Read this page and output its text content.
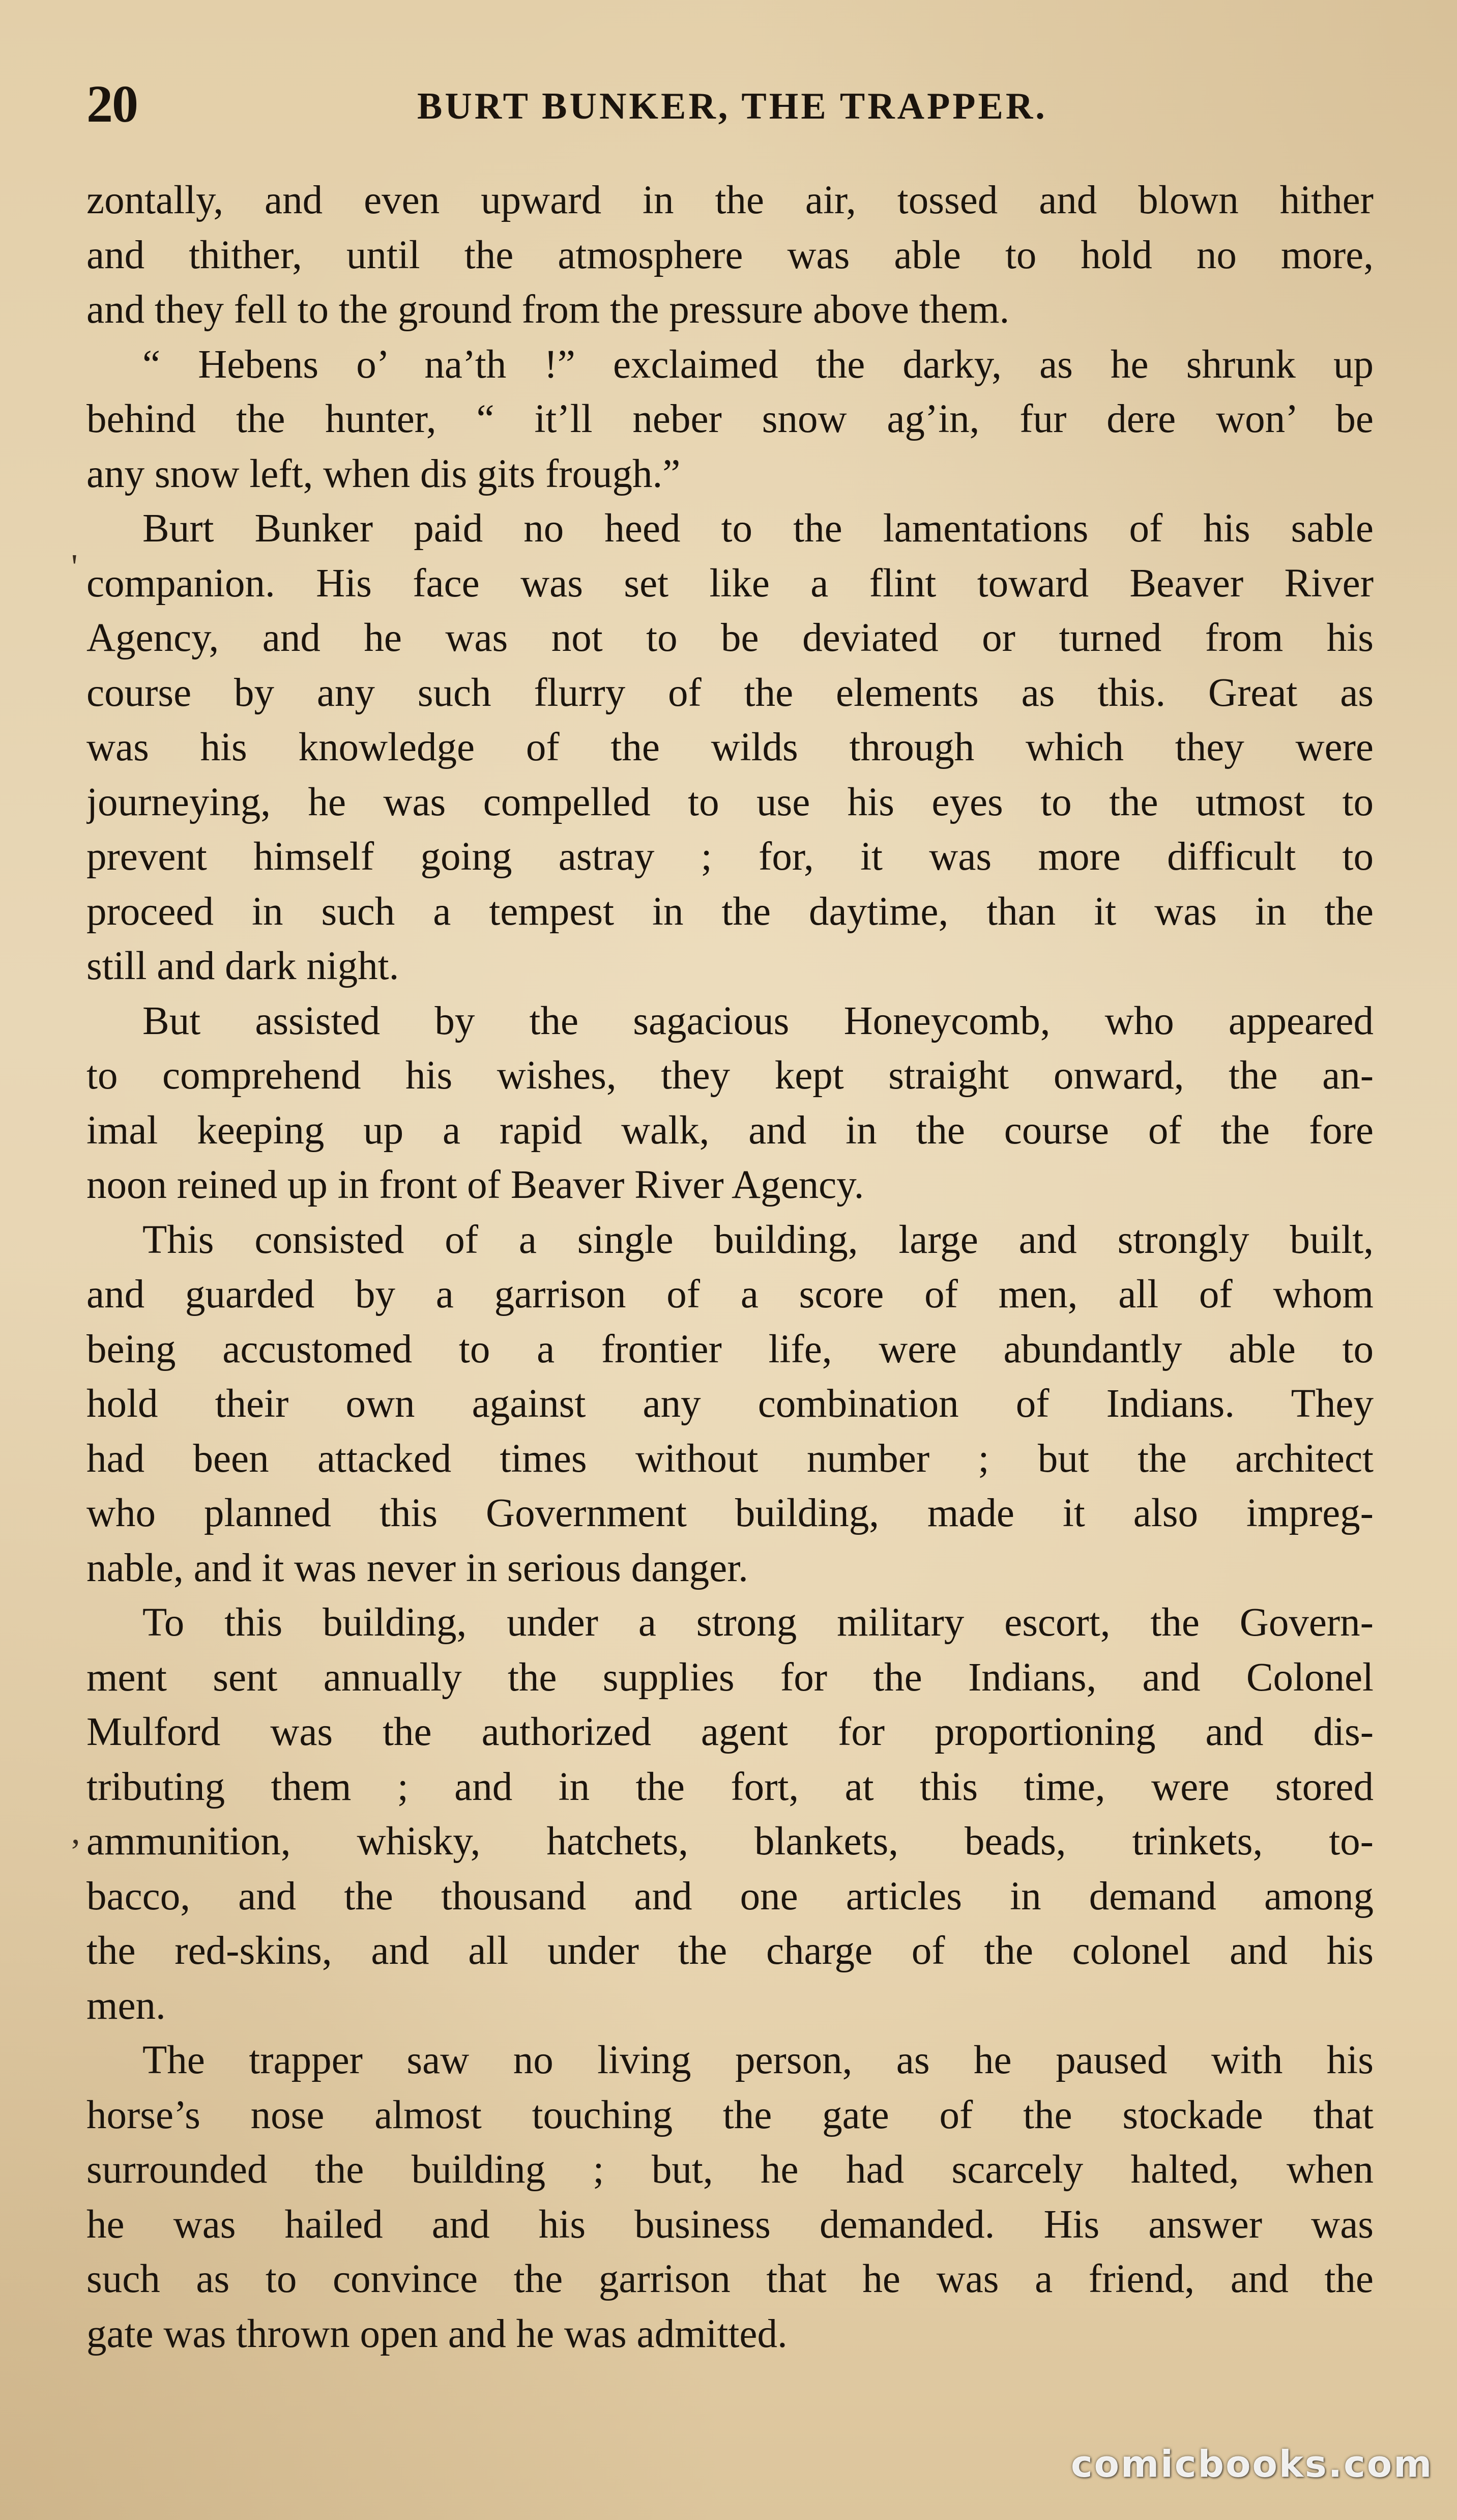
20	BURT BUNKER, THE TRAPPER.
zontally, and even upward in the air, tossed and blown hither
and thither, until the atmosphere was able to hold no more,
and they fell to the ground from the pressure above them.
“ Hebens o’ na’th !” exclaimed the darky, as he shrunk up
behind the hunter, “ it’ll neber snow ag’in, fur dere won’ be
any snow left, when dis gits frough.”
Burt Bunker paid no heed to the lamentations of his sable
companion. His face was set like a flint toward Beaver River
Agency, and he was not to be deviated or turned from his
course by any such flurry of the elements as this. Great as
was his knowledge of the wilds through which they were
journeying, he was compelled to use his eyes to the utmost to
prevent himself going astray ; for, it was more difficult to
proceed in such a tempest in the daytime, than it was in the
still and dark night.
But assisted by the sagacious Honeycomb, who appeared
to comprehend his wishes, they kept straight onward, the an-
imal keeping up a rapid walk, and in the course of the fore
noon reined up in front of Beaver River Agency.
This consisted of a single building, large and strongly built,
and guarded by a garrison of a score of men, all of whom
being accustomed to a frontier life, were abundantly able to
hold their own against any combination of Indians. They
had been attacked times without number ; but the architect
who planned this Government building, made it also impreg-
nable, and it was never in serious danger.
To this building, under a strong military escort, the Govern-
ment sent annually the supplies for the Indians, and Colonel
Mulford was the authorized agent for proportioning and dis-
tributing them ; and in the fort, at this time, were stored
ammunition, whisky, hatchets, blankets, beads, trinkets, to-
bacco, and the thousand and one articles in demand among
the red-skins, and all under the charge of the colonel and his
men.
The trapper saw no living person, as he paused with his
horse’s nose almost touching the gate of the stockade that
surrounded the building ; but, he had scarcely halted, when
he was hailed and his business demanded. His answer was
such as to convince the garrison that he was a friend, and the
gate was thrown open and he was admitted.
'
,
comicbooks.com
